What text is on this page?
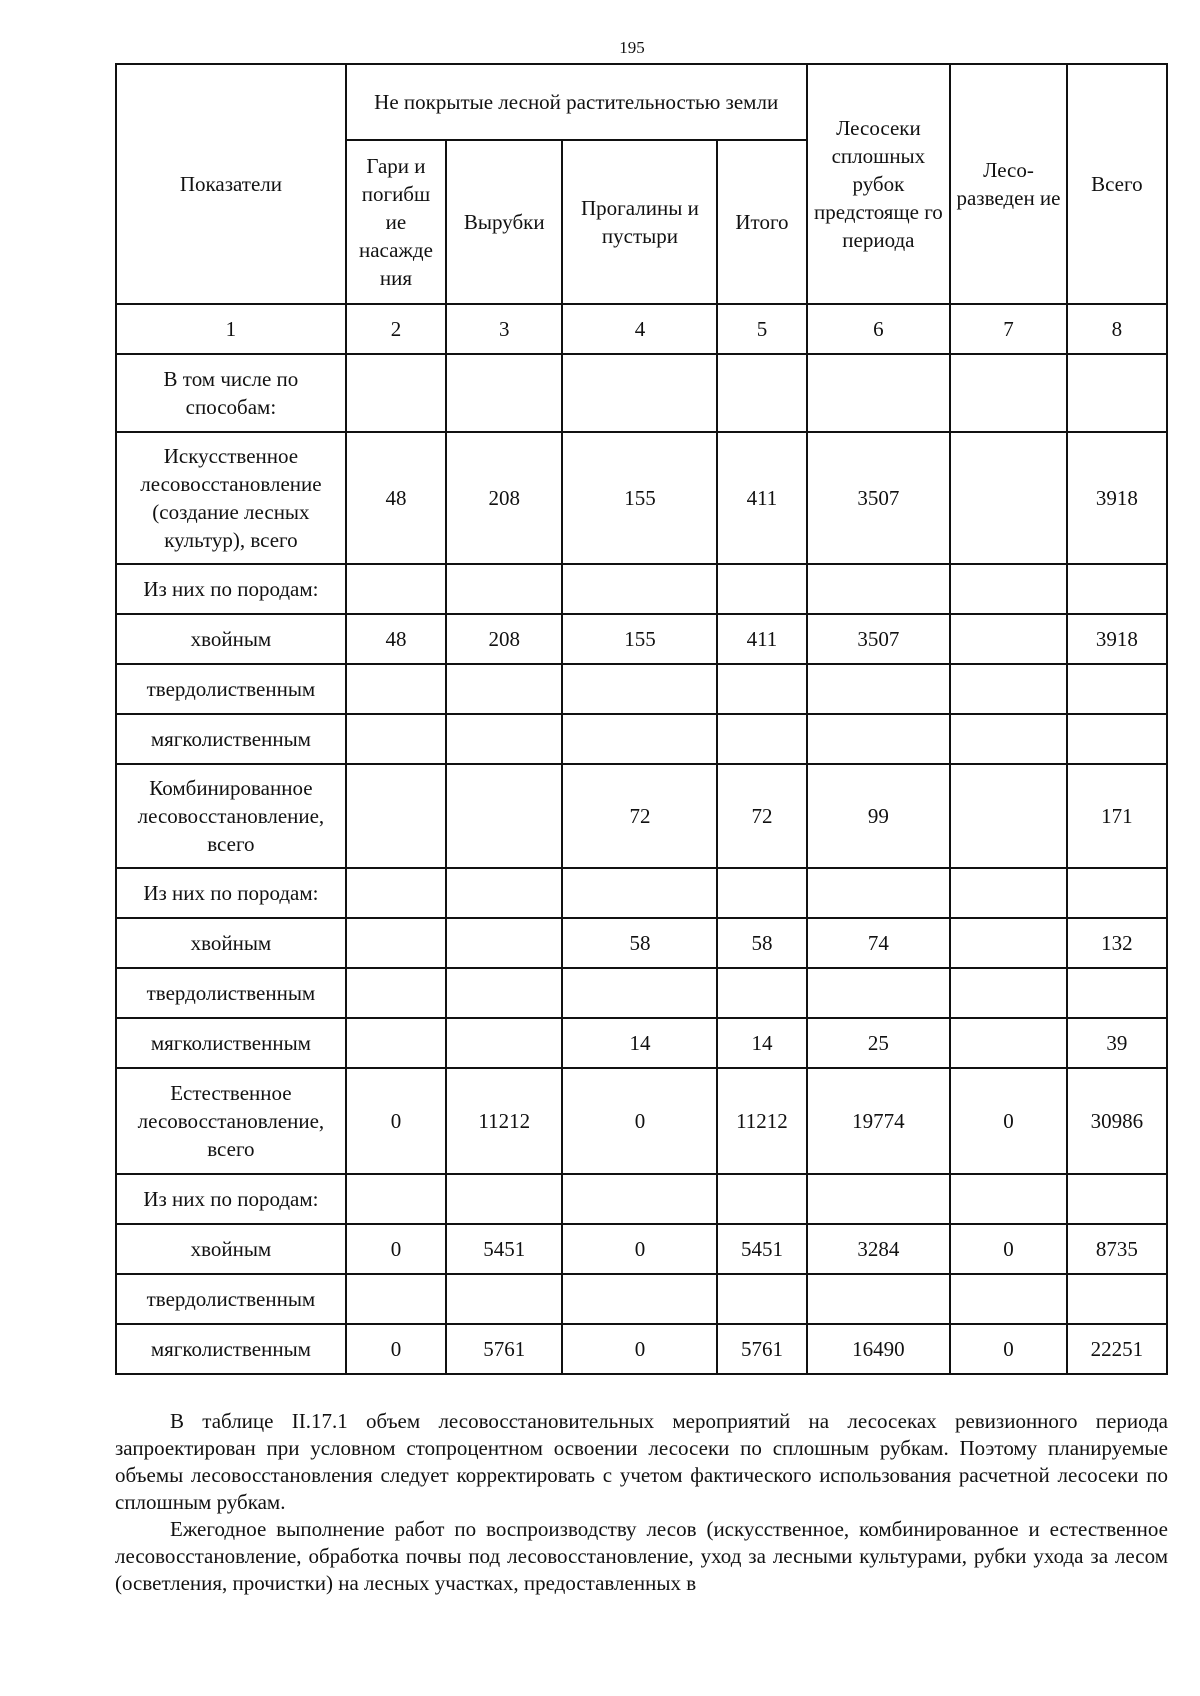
195
Показатели	Не покрытые лесной растительностью земли				Лесосеки сплошных рубок предстояще го периода	Лесо- разведен ие	Всего
	Гари и погибш ие насажде ния	Вырубки	Прогалины и пустыри	Итого			
1	2	3	4	5	6	7	8
В том числе по способам:							
Искусственное лесовосстановление (создание лесных культур), всего	48	208	155	411	3507		3918
Из них по породам:							
хвойным	48	208	155	411	3507		3918
твердолиственным							
мягколиственным							
Комбинированное лесовосстановление, всего			72	72	99		171
Из них по породам:							
хвойным			58	58	74		132
твердолиственным							
мягколиственным			14	14	25		39
Естественное лесовосстановление, всего	0	11212	0	11212	19774	0	30986
Из них по породам:							
хвойным	0	5451	0	5451	3284	0	8735
твердолиственным							
мягколиственным	0	5761	0	5761	16490	0	22251

В таблице II.17.1 объем лесовосстановительных мероприятий на лесосеках ревизионного периода запроектирован при условном стопроцентном освоении лесосеки по сплошным рубкам. Поэтому планируемые объемы лесовосстановления следует корректировать с учетом фактического использования расчетной лесосеки по сплошным рубкам.

Ежегодное выполнение работ по воспроизводству лесов (искусственное, комбинированное и естественное лесовосстановление, обработка почвы под лесовосстановление, уход за лесными культурами, рубки ухода за лесом (осветления, прочистки) на лесных участках, предоставленных в
